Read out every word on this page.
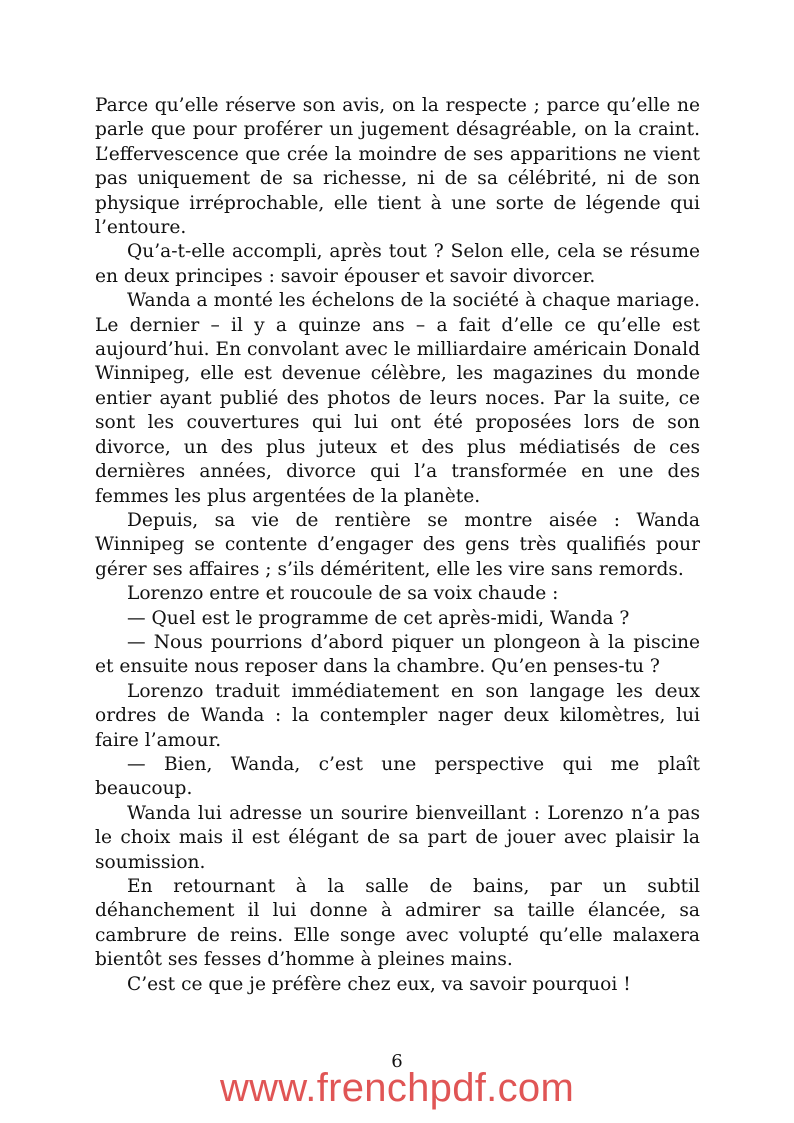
Parce qu’elle réserve son avis, on la respecte ; parce qu’elle ne parle que pour proférer un jugement désagréable, on la craint. L’effervescence que crée la moindre de ses apparitions ne vient pas uniquement de sa richesse, ni de sa célébrité, ni de son physique irréprochable, elle tient à une sorte de légende qui l’entoure.

Qu’a-t-elle accompli, après tout ? Selon elle, cela se résume en deux principes : savoir épouser et savoir divorcer.

Wanda a monté les échelons de la société à chaque mariage. Le dernier – il y a quinze ans – a fait d’elle ce qu’elle est aujourd’hui. En convolant avec le milliardaire américain Donald Winnipeg, elle est devenue célèbre, les magazines du monde entier ayant publié des photos de leurs noces. Par la suite, ce sont les couvertures qui lui ont été proposées lors de son divorce, un des plus juteux et des plus médiatisés de ces dernières années, divorce qui l’a transformée en une des femmes les plus argentées de la planète.

Depuis, sa vie de rentière se montre aisée : Wanda Winnipeg se contente d’engager des gens très qualifiés pour gérer ses affaires ; s’ils déméritent, elle les vire sans remords.

Lorenzo entre et roucoule de sa voix chaude :

— Quel est le programme de cet après-midi, Wanda ?

— Nous pourrions d’abord piquer un plongeon à la piscine et ensuite nous reposer dans la chambre. Qu’en penses-tu ?

Lorenzo traduit immédiatement en son langage les deux ordres de Wanda : la contempler nager deux kilomètres, lui faire l’amour.

— Bien, Wanda, c’est une perspective qui me plaît beaucoup.

Wanda lui adresse un sourire bienveillant : Lorenzo n’a pas le choix mais il est élégant de sa part de jouer avec plaisir la soumission.

En retournant à la salle de bains, par un subtil déhanchement il lui donne à admirer sa taille élancée, sa cambrure de reins. Elle songe avec volupté qu’elle malaxera bientôt ses fesses d’homme à pleines mains.

C’est ce que je préfère chez eux, va savoir pourquoi !

6
www.frenchpdf.com
